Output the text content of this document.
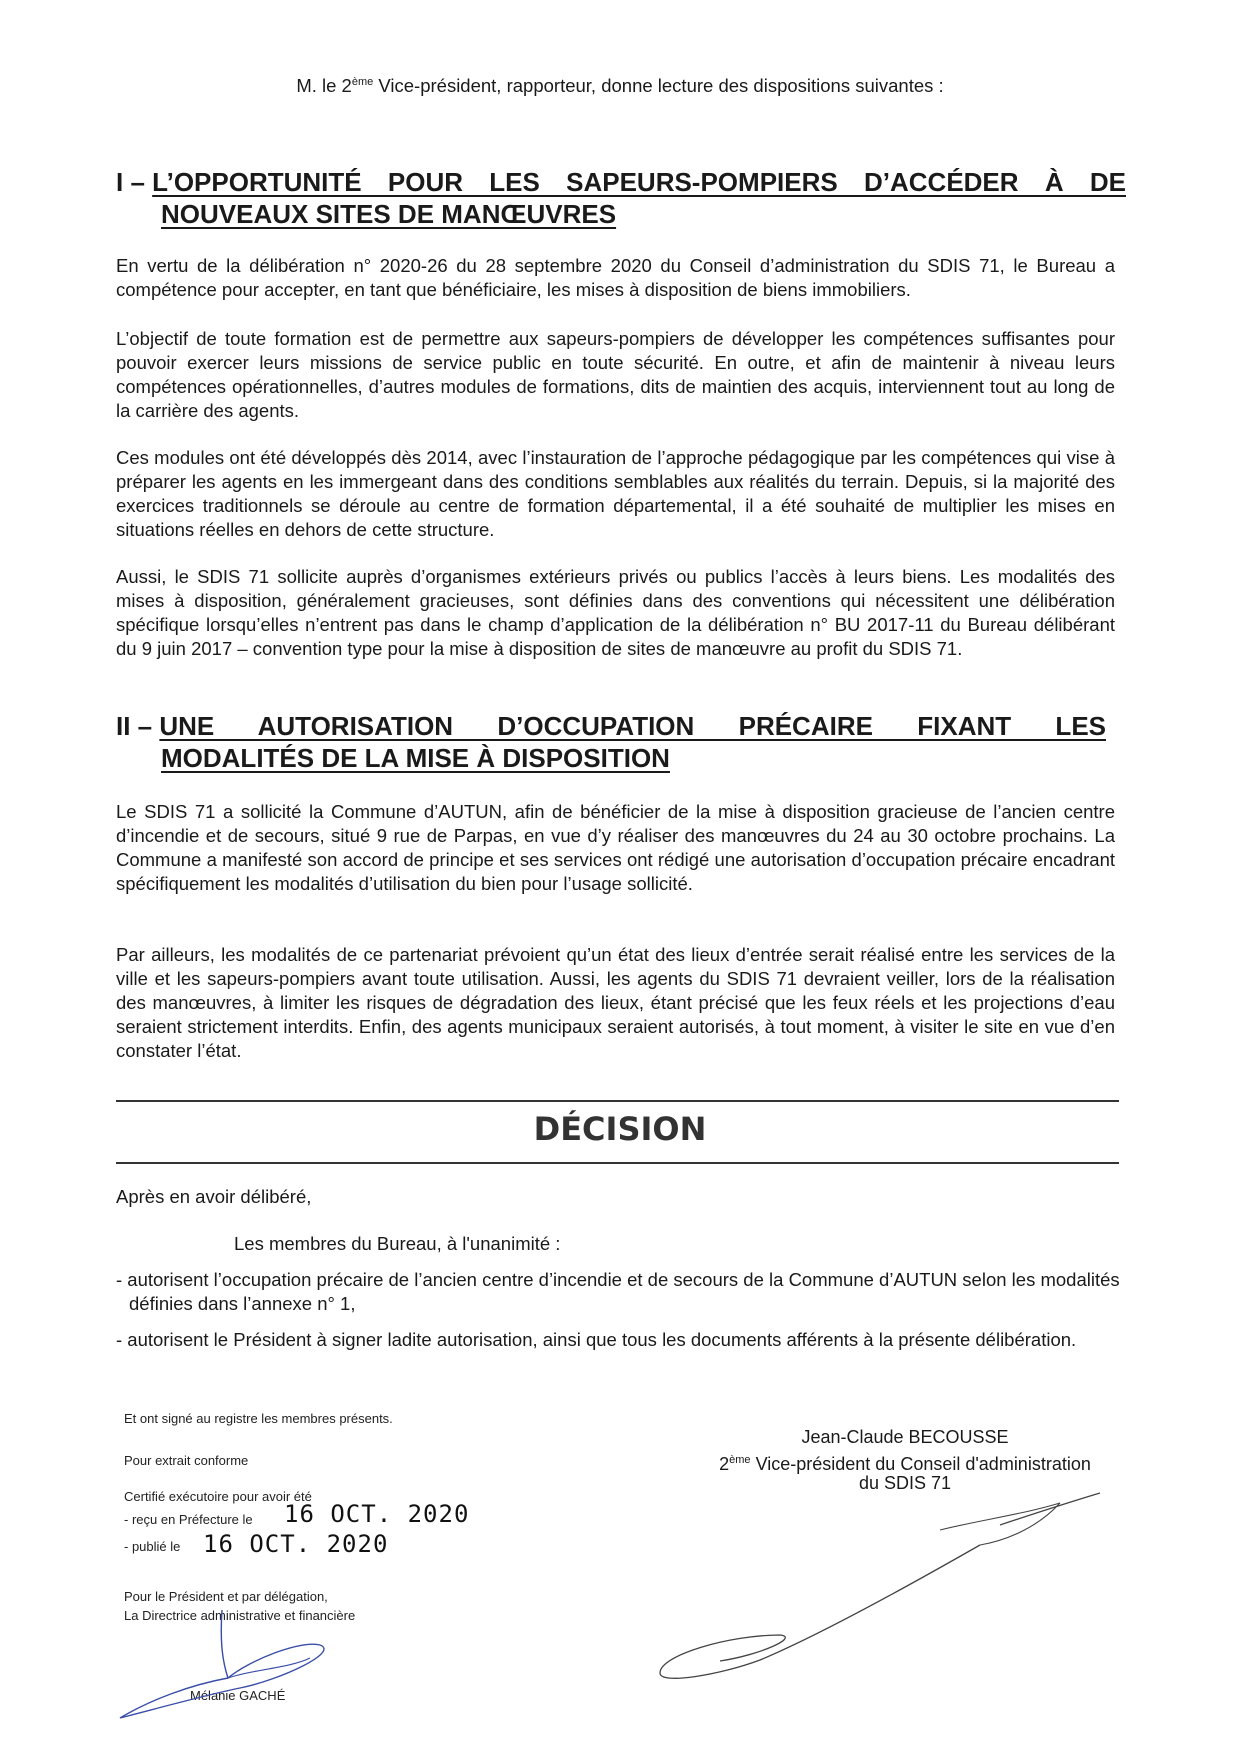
M. le 2ème Vice-président, rapporteur, donne lecture des dispositions suivantes :
I – L’OPPORTUNITÉ POUR LES SAPEURS-POMPIERS D’ACCÉDER À DE
NOUVEAUX SITES DE MANŒUVRES
En vertu de la délibération n° 2020-26 du 28 septembre 2020 du Conseil d’administration du SDIS 71, le Bureau a compétence pour accepter, en tant que bénéficiaire, les mises à disposition de biens immobiliers.
L’objectif de toute formation est de permettre aux sapeurs-pompiers de développer les compétences suffisantes pour pouvoir exercer leurs missions de service public en toute sécurité. En outre, et afin de maintenir à niveau leurs compétences opérationnelles, d’autres modules de formations, dits de maintien des acquis, interviennent tout au long de la carrière des agents.
Ces modules ont été développés dès 2014, avec l’instauration de l’approche pédagogique par les compétences qui vise à préparer les agents en les immergeant dans des conditions semblables aux réalités du terrain. Depuis, si la majorité des exercices traditionnels se déroule au centre de formation départemental, il a été souhaité de multiplier les mises en situations réelles en dehors de cette structure.
Aussi, le SDIS 71 sollicite auprès d’organismes extérieurs privés ou publics l’accès à leurs biens. Les modalités des mises à disposition, généralement gracieuses, sont définies dans des conventions qui nécessitent une délibération spécifique lorsqu’elles n’entrent pas dans le champ d’application de la délibération n° BU 2017-11 du Bureau délibérant du 9 juin 2017 – convention type pour la mise à disposition de sites de manœuvre au profit du SDIS 71.
II – UNE AUTORISATION D’OCCUPATION PRÉCAIRE FIXANT LES
MODALITÉS DE LA MISE À DISPOSITION
Le SDIS 71 a sollicité la Commune d’AUTUN, afin de bénéficier de la mise à disposition gracieuse de l’ancien centre d’incendie et de secours, situé 9 rue de Parpas, en vue d’y réaliser des manœuvres du 24 au 30 octobre prochains. La Commune a manifesté son accord de principe et ses services ont rédigé une autorisation d’occupation précaire encadrant spécifiquement les modalités d’utilisation du bien pour l’usage sollicité.
Par ailleurs, les modalités de ce partenariat prévoient qu’un état des lieux d’entrée serait réalisé entre les services de la ville et les sapeurs-pompiers avant toute utilisation. Aussi, les agents du SDIS 71 devraient veiller, lors de la réalisation des manœuvres, à limiter les risques de dégradation des lieux, étant précisé que les feux réels et les projections d’eau seraient strictement interdits. Enfin, des agents municipaux seraient autorisés, à tout moment, à visiter le site en vue d’en constater l’état.
DÉCISION
Après en avoir délibéré,
Les membres du Bureau, à l'unanimité :
- autorisent l’occupation précaire de l’ancien centre d’incendie et de secours de la Commune d’AUTUN selon les modalités définies dans l’annexe n° 1,
- autorisent le Président à signer ladite autorisation, ainsi que tous les documents afférents à la présente délibération.
Et ont signé au registre les membres présents.
Pour extrait conforme
Certifié exécutoire pour avoir été
- reçu en Préfecture le 16 OCT. 2020
- publié le 16 OCT. 2020
Pour le Président et par délégation,
La Directrice administrative et financière
Mélanie GACHÉ
Jean-Claude BECOUSSE
2ème Vice-président du Conseil d'administration
du SDIS 71
